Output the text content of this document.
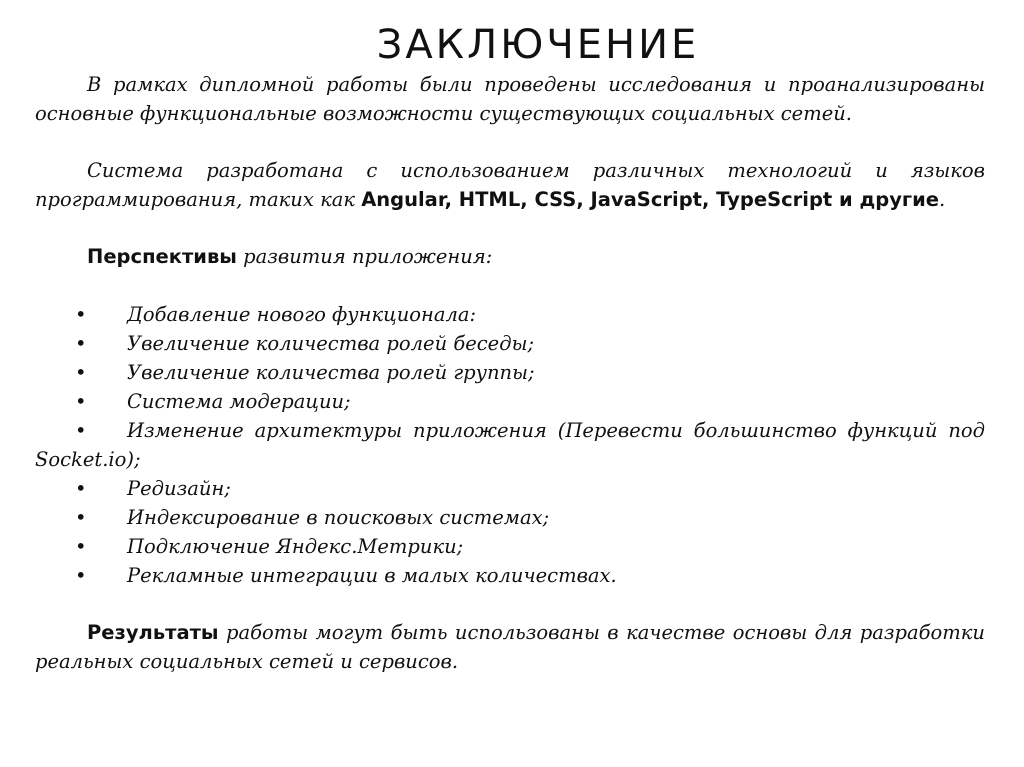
ЗАКЛЮЧЕНИЕ

В рамках дипломной работы были проведены исследования и проанализированы основные функциональные возможности существующих социальных сетей.

Система разработана с использованием различных технологий и языков программирования, таких как Angular, HTML, CSS, JavaScript, TypeScript и другие.

Перспективы развития приложения:

• Добавление нового функционала:
• Увеличение количества ролей беседы;
• Увеличение количества ролей группы;
• Система модерации;
• Изменение архитектуры приложения (Перевести большинство функций под Socket.io);
• Редизайн;
• Индексирование в поисковых системах;
• Подключение Яндекс.Метрики;
• Рекламные интеграции в малых количествах.

Результаты работы могут быть использованы в качестве основы для разработки реальных социальных сетей и сервисов.
